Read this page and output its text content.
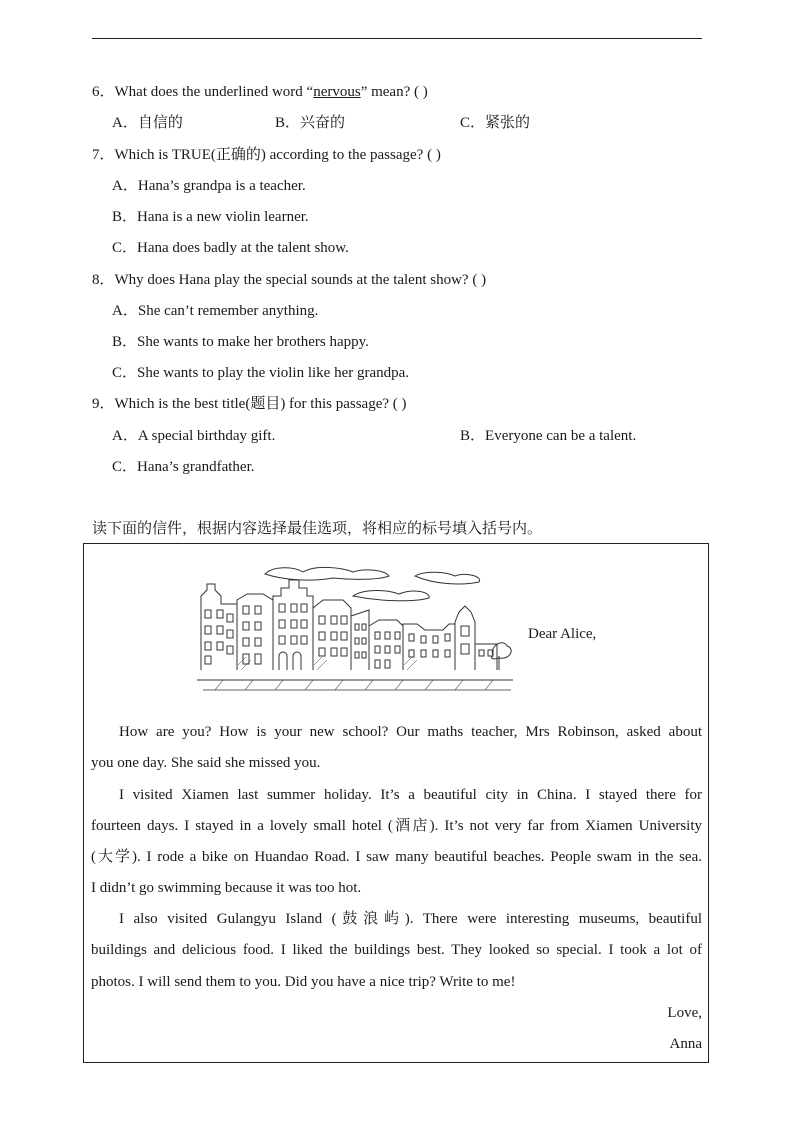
6．What does the underlined word “nervous” mean? ( )
A．自信的	B．兴奋的	C．紧张的
7．Which is TRUE(正确的) according to the passage? ( )
A．Hana’s grandpa is a teacher.
B．Hana is a new violin learner.
C．Hana does badly at the talent show.
8．Why does Hana play the special sounds at the talent show? ( )
A．She can’t remember anything.
B．She wants to make her brothers happy.
C．She wants to play the violin like her grandpa.
9．Which is the best title(题目) for this passage? ( )
A．A special birthday gift.	B．Everyone can be a talent.
C．Hana’s grandfather.
读下面的信件，根据内容选择最佳选项，将相应的标号填入括号内。
Dear Alice,
How are you? How is your new school? Our maths teacher, Mrs Robinson, asked about
you one day. She said she missed you.
I visited Xiamen last summer holiday. It’s a beautiful city in China. I stayed there for
fourteen days. I stayed in a lovely small hotel (酒店). It’s not very far from Xiamen University
(大学). I rode a bike on Huandao Road. I saw many beautiful beaches. People swam in the sea.
I didn’t go swimming because it was too hot.
I also visited Gulangyu Island (鼓浪屿). There were interesting museums, beautiful
buildings and delicious food. I liked the buildings best. They looked so special. I took a lot of
photos. I will send them to you. Did you have a nice trip? Write to me!
Love,
Anna
